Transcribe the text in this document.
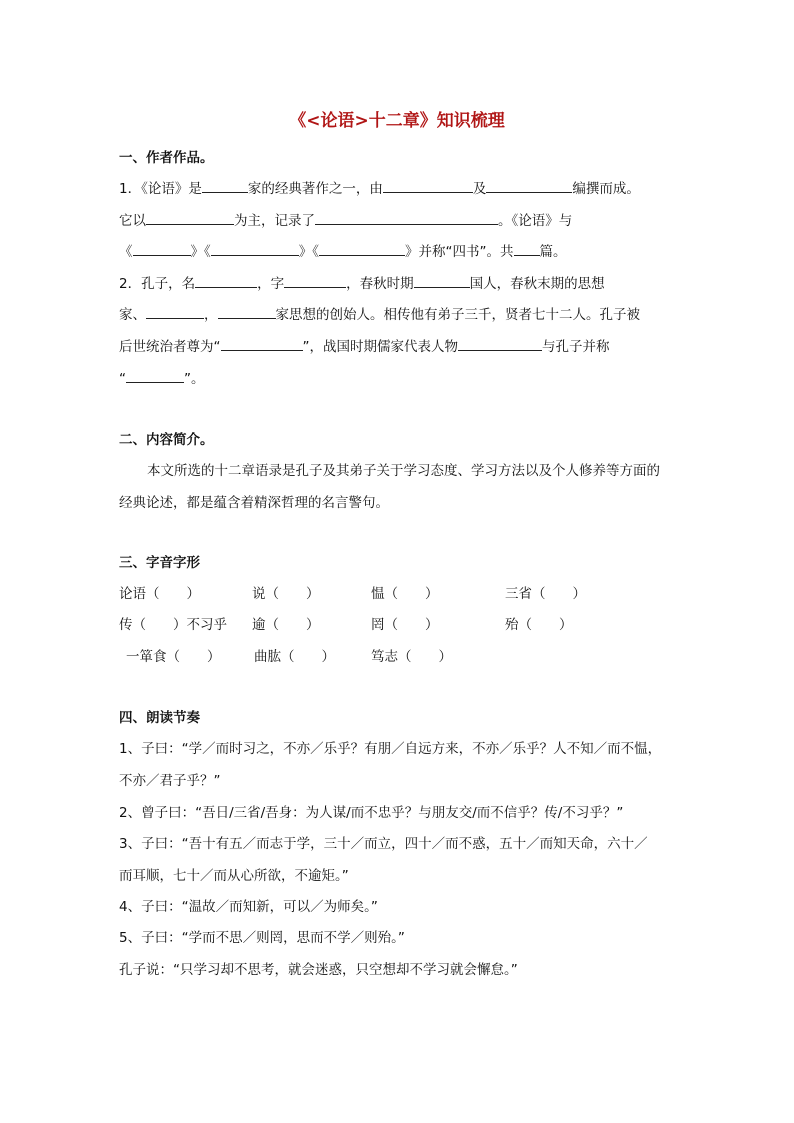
《<论语>十二章》知识梳理
一、作者作品。
1．《论语》是	家的经典著作之一，由	及	编撰而成。
它以	为主，记录了	。《论语》与
《	》《	》《	》并称“四书”。共 篇。
2．孔子，名	，字	，春秋时期	国人，春秋末期的思想
家、	，	家思想的创始人。相传他有弟子三千，贤者七十二人。孔子被
后世统治者尊为“	”，战国时期儒家代表人物	与孔子并称
“	”。
二、内容简介。
本文所选的十二章语录是孔子及其弟子关于学习态度、学习方法以及个人修养等方面的
经典论述，都是蕴含着精深哲理的名言警句。
三、字音字形
论语（　　）	说（　　）	愠（　　）	三省（　　）
传（　　）不习乎 逾（　　）	罔（　　）	殆（　　）
一箪食（　　） 曲肱（　　）	笃志（　　）
四、朗读节奏
1、子曰：“学／而时习之，不亦／乐乎？有朋／自远方来，不亦／乐乎？人不知／而不愠，
不亦／君子乎？”
2、曾子曰：“吾日/三省/吾身：为人谋/而不忠乎？与朋友交/而不信乎？传/不习乎？”
3、子曰：“吾十有五／而志于学，三十／而立，四十／而不惑，五十／而知天命，六十／
而耳顺，七十／而从心所欲，不逾矩。”
4、子曰：“温故／而知新，可以／为师矣。”
5、子曰：“学而不思／则罔，思而不学／则殆。”
孔子说：“只学习却不思考，就会迷惑，只空想却不学习就会懈怠。”
